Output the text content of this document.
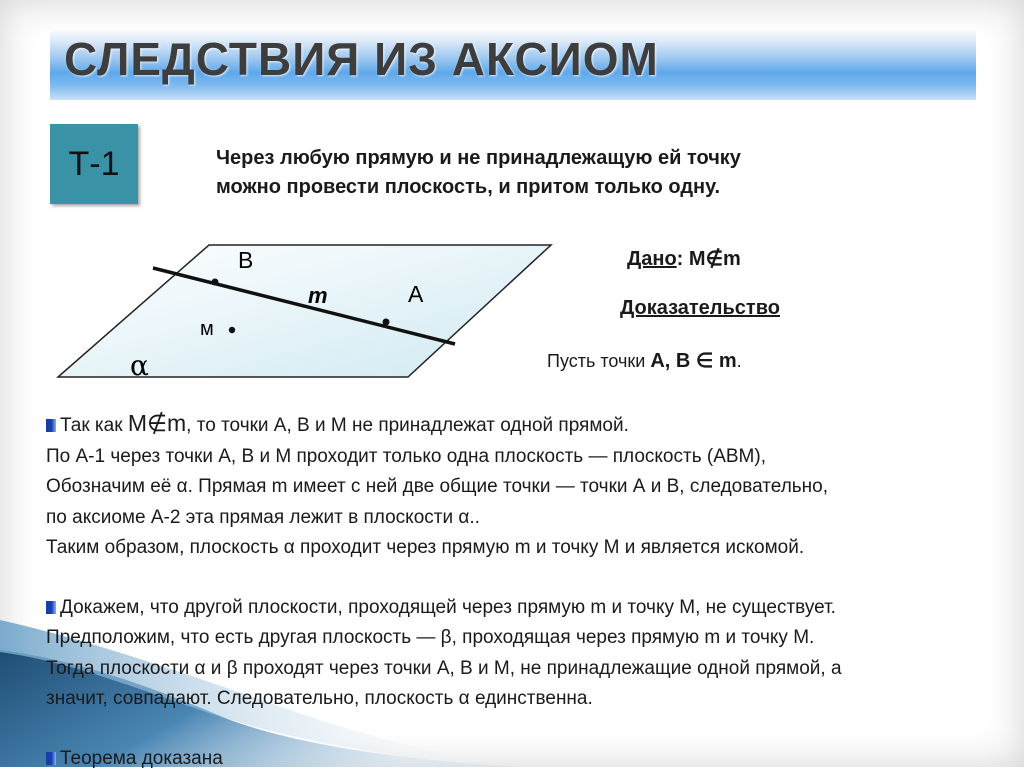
СЛЕДСТВИЯ ИЗ АКСИОМ
Т-1	Через любую прямую и не принадлежащую ей точку
можно провести плоскость, и притом только одну.
В
А
m
м
α
Дано: M∉m
Доказательство
Пусть точки А, В ∈ m.

Так как М∉m, то точки А, В и М не принадлежат одной прямой.

По А-1 через точки А, В и М проходит только одна плоскость — плоскость (АВМ),

Обозначим её α. Прямая m имеет с ней две общие точки — точки А и В, следовательно,

по аксиоме А-2 эта прямая лежит в плоскости α..

Таким образом, плоскость α проходит через прямую m и точку М и является искомой.

Докажем, что другой плоскости, проходящей через прямую m и точку М, не существует.

Предположим, что есть другая плоскость — β, проходящая через прямую m и точку М.

Тогда плоскости α и β проходят через точки А, В и М, не принадлежащие одной прямой, а

значит, совпадают. Следовательно, плоскость α единственна.

Теорема доказана
